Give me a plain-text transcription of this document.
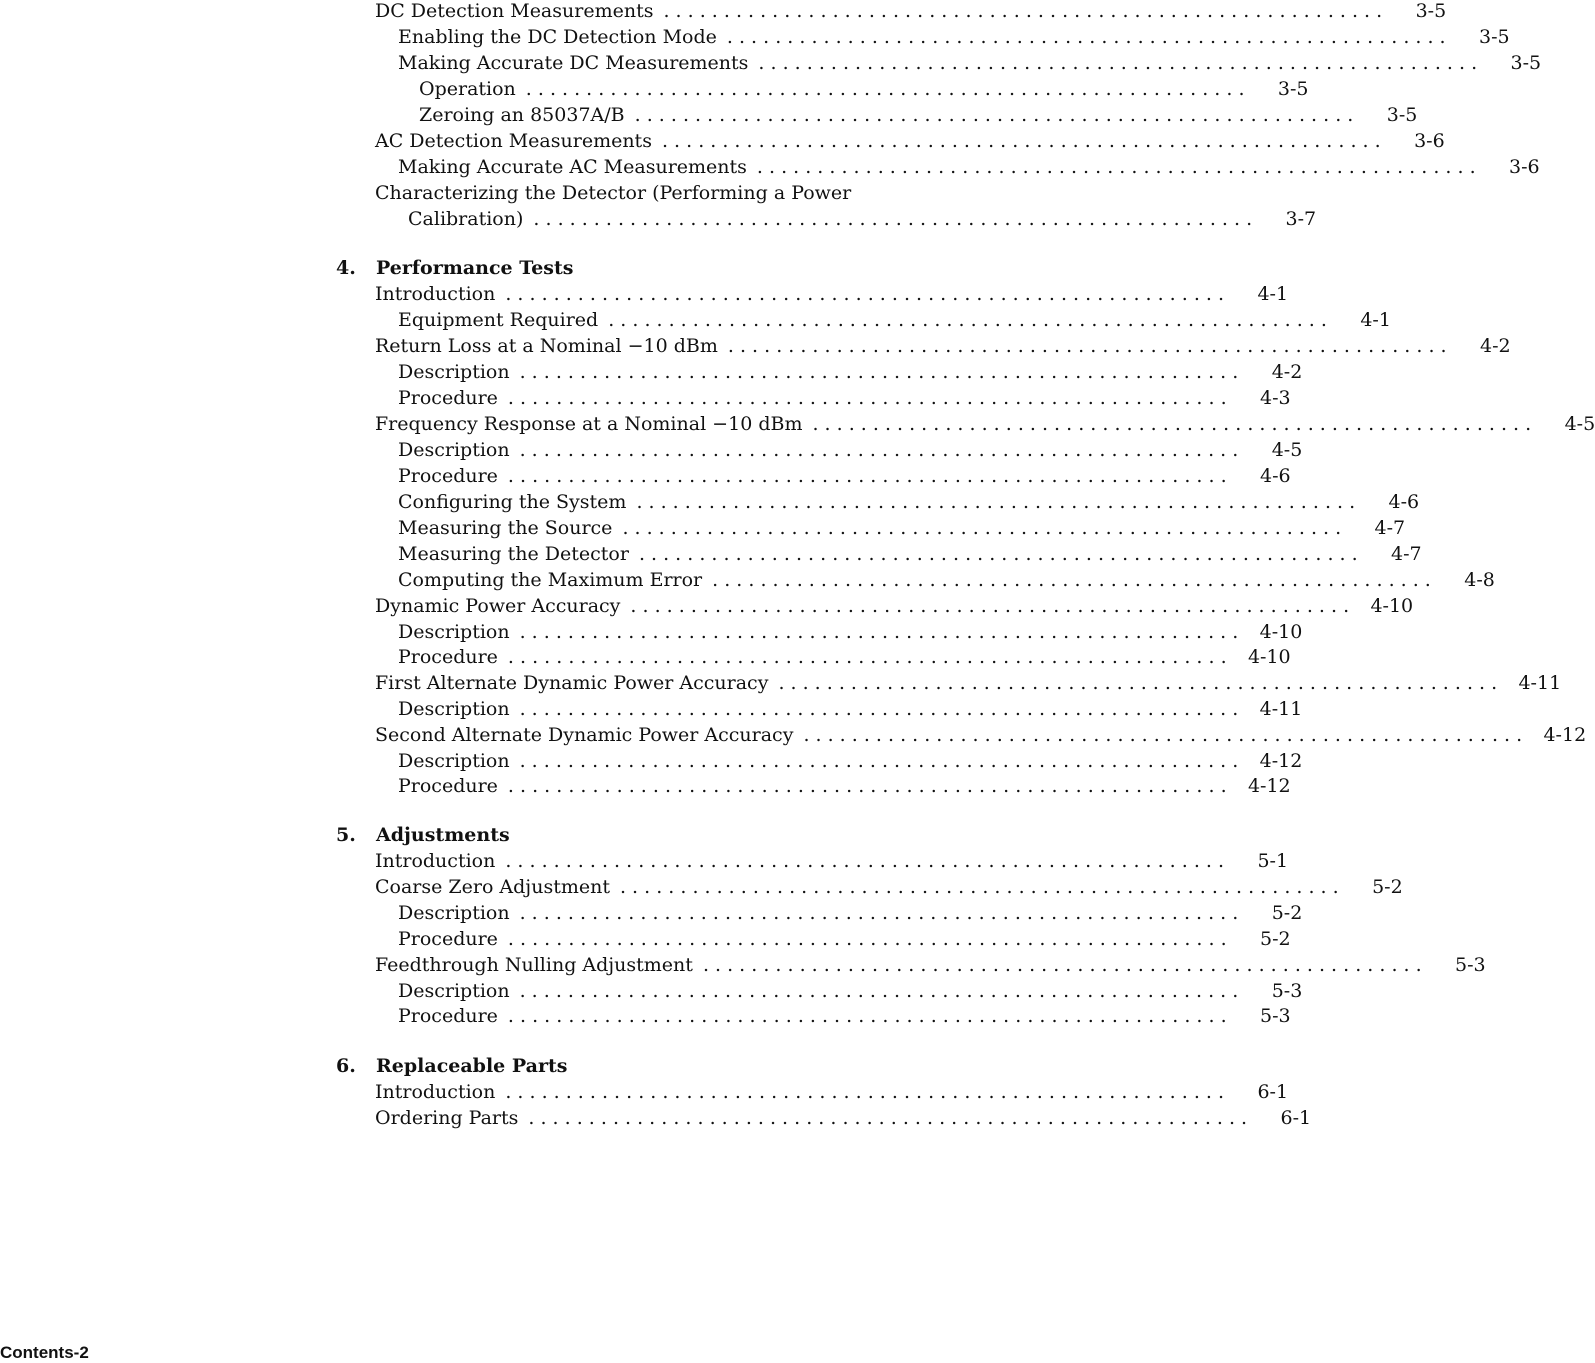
DC Detection Measurements . . . . . . . . . . . . . . . . . . . . . . . . . . . . . . . . . . . . . . . . . . . . . . . . . . . . . . . . . . . .	3-5
Enabling the DC Detection Mode . . . . . . . . . . . . . . . . . . . . . . . . . . . . . . . . . . . . . . . . . . . . . . . . . . . . . . . . . . . .	3-5
Making Accurate DC Measurements . . . . . . . . . . . . . . . . . . . . . . . . . . . . . . . . . . . . . . . . . . . . . . . . . . . . . . . . . . . .	3-5
Operation . . . . . . . . . . . . . . . . . . . . . . . . . . . . . . . . . . . . . . . . . . . . . . . . . . . . . . . . . . . .	3-5
Zeroing an 85037A/B . . . . . . . . . . . . . . . . . . . . . . . . . . . . . . . . . . . . . . . . . . . . . . . . . . . . . . . . . . . .	3-5
AC Detection Measurements . . . . . . . . . . . . . . . . . . . . . . . . . . . . . . . . . . . . . . . . . . . . . . . . . . . . . . . . . . . .	3-6
Making Accurate AC Measurements . . . . . . . . . . . . . . . . . . . . . . . . . . . . . . . . . . . . . . . . . . . . . . . . . . . . . . . . . . . .	3-6
Characterizing the Detector (Performing a Power
Calibration) . . . . . . . . . . . . . . . . . . . . . . . . . . . . . . . . . . . . . . . . . . . . . . . . . . . . . . . . . . . .	3-7
4. Performance Tests
Introduction . . . . . . . . . . . . . . . . . . . . . . . . . . . . . . . . . . . . . . . . . . . . . . . . . . . . . . . . . . . .	4-1
Equipment Required . . . . . . . . . . . . . . . . . . . . . . . . . . . . . . . . . . . . . . . . . . . . . . . . . . . . . . . . . . . .	4-1
Return Loss at a Nominal −10 dBm . . . . . . . . . . . . . . . . . . . . . . . . . . . . . . . . . . . . . . . . . . . . . . . . . . . . . . . . . . . .	4-2
Description . . . . . . . . . . . . . . . . . . . . . . . . . . . . . . . . . . . . . . . . . . . . . . . . . . . . . . . . . . . .	4-2
Procedure . . . . . . . . . . . . . . . . . . . . . . . . . . . . . . . . . . . . . . . . . . . . . . . . . . . . . . . . . . . .	4-3
Frequency Response at a Nominal −10 dBm . . . . . . . . . . . . . . . . . . . . . . . . . . . . . . . . . . . . . . . . . . . . . . . . . . . . . . . . . . . .	4-5
Description . . . . . . . . . . . . . . . . . . . . . . . . . . . . . . . . . . . . . . . . . . . . . . . . . . . . . . . . . . . .	4-5
Procedure . . . . . . . . . . . . . . . . . . . . . . . . . . . . . . . . . . . . . . . . . . . . . . . . . . . . . . . . . . . .	4-6
Configuring the System . . . . . . . . . . . . . . . . . . . . . . . . . . . . . . . . . . . . . . . . . . . . . . . . . . . . . . . . . . . .	4-6
Measuring the Source . . . . . . . . . . . . . . . . . . . . . . . . . . . . . . . . . . . . . . . . . . . . . . . . . . . . . . . . . . . .	4-7
Measuring the Detector . . . . . . . . . . . . . . . . . . . . . . . . . . . . . . . . . . . . . . . . . . . . . . . . . . . . . . . . . . . .	4-7
Computing the Maximum Error . . . . . . . . . . . . . . . . . . . . . . . . . . . . . . . . . . . . . . . . . . . . . . . . . . . . . . . . . . . .	4-8
Dynamic Power Accuracy . . . . . . . . . . . . . . . . . . . . . . . . . . . . . . . . . . . . . . . . . . . . . . . . . . . . . . . . . . . .	4-10
Description . . . . . . . . . . . . . . . . . . . . . . . . . . . . . . . . . . . . . . . . . . . . . . . . . . . . . . . . . . . .	4-10
Procedure . . . . . . . . . . . . . . . . . . . . . . . . . . . . . . . . . . . . . . . . . . . . . . . . . . . . . . . . . . . .	4-10
First Alternate Dynamic Power Accuracy . . . . . . . . . . . . . . . . . . . . . . . . . . . . . . . . . . . . . . . . . . . . . . . . . . . . . . . . . . . .	4-11
Description . . . . . . . . . . . . . . . . . . . . . . . . . . . . . . . . . . . . . . . . . . . . . . . . . . . . . . . . . . . .	4-11
Second Alternate Dynamic Power Accuracy . . . . . . . . . . . . . . . . . . . . . . . . . . . . . . . . . . . . . . . . . . . . . . . . . . . . . . . . . . . .	4-12
Description . . . . . . . . . . . . . . . . . . . . . . . . . . . . . . . . . . . . . . . . . . . . . . . . . . . . . . . . . . . .	4-12
Procedure . . . . . . . . . . . . . . . . . . . . . . . . . . . . . . . . . . . . . . . . . . . . . . . . . . . . . . . . . . . .	4-12
5. Adjustments
Introduction . . . . . . . . . . . . . . . . . . . . . . . . . . . . . . . . . . . . . . . . . . . . . . . . . . . . . . . . . . . .	5-1
Coarse Zero Adjustment . . . . . . . . . . . . . . . . . . . . . . . . . . . . . . . . . . . . . . . . . . . . . . . . . . . . . . . . . . . .	5-2
Description . . . . . . . . . . . . . . . . . . . . . . . . . . . . . . . . . . . . . . . . . . . . . . . . . . . . . . . . . . . .	5-2
Procedure . . . . . . . . . . . . . . . . . . . . . . . . . . . . . . . . . . . . . . . . . . . . . . . . . . . . . . . . . . . .	5-2
Feedthrough Nulling Adjustment . . . . . . . . . . . . . . . . . . . . . . . . . . . . . . . . . . . . . . . . . . . . . . . . . . . . . . . . . . . .	5-3
Description . . . . . . . . . . . . . . . . . . . . . . . . . . . . . . . . . . . . . . . . . . . . . . . . . . . . . . . . . . . .	5-3
Procedure . . . . . . . . . . . . . . . . . . . . . . . . . . . . . . . . . . . . . . . . . . . . . . . . . . . . . . . . . . . .	5-3
6. Replaceable Parts
Introduction . . . . . . . . . . . . . . . . . . . . . . . . . . . . . . . . . . . . . . . . . . . . . . . . . . . . . . . . . . . .	6-1
Ordering Parts . . . . . . . . . . . . . . . . . . . . . . . . . . . . . . . . . . . . . . . . . . . . . . . . . . . . . . . . . . . .	6-1
Contents-2
